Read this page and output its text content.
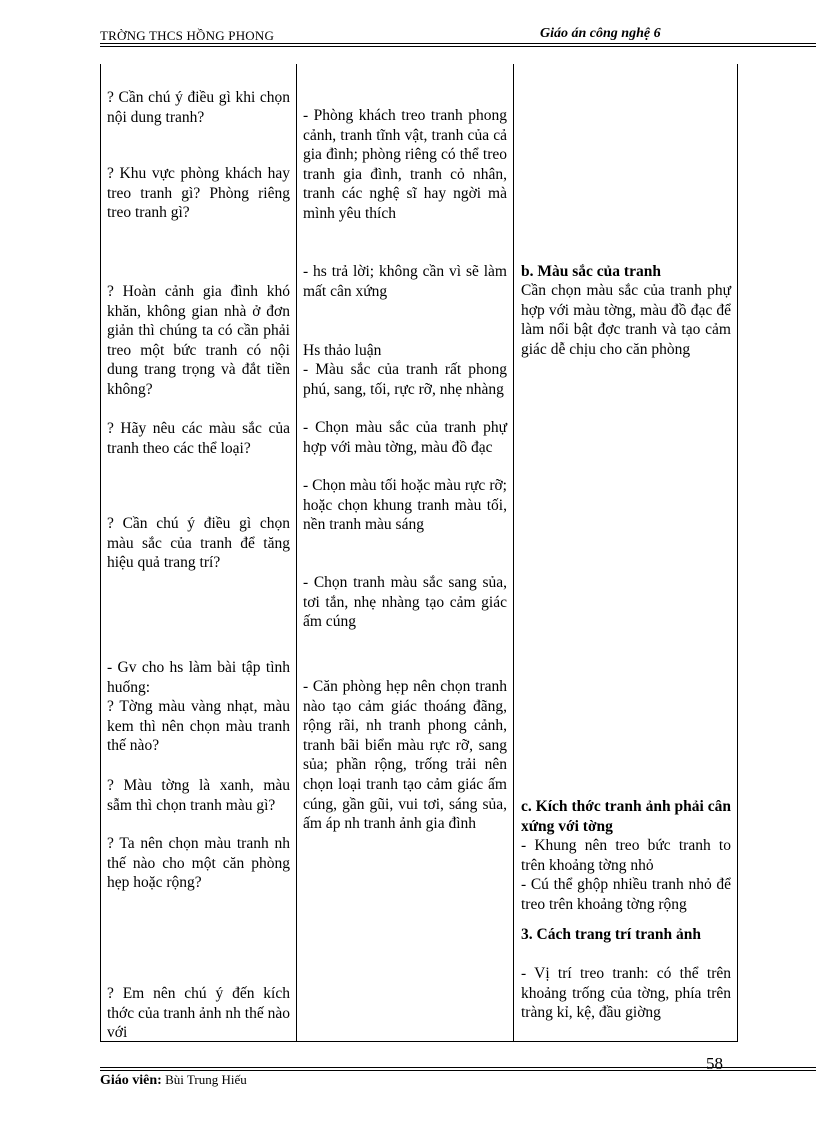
TRỜNG THCS HỒNG PHONG	Giáo án công nghệ 6
? Cần chú ý điều gì khi chọn nội dung tranh?
? Khu vực phòng khách hay treo tranh gì? Phòng riêng treo tranh gì?
? Hoàn cảnh gia đình khó khăn, không gian nhà ở đơn giản thì chúng ta có cần phải treo một bức tranh có nội dung trang trọng và đắt tiền không?
? Hãy nêu các màu sắc của tranh theo các thể loại?
? Cần chú ý điều gì chọn màu sắc của tranh để tăng hiệu quả trang trí?
- Gv cho hs làm bài tập tình huống:
? Tờng màu vàng nhạt, màu kem thì nên chọn màu tranh thế nào?
? Màu tờng là xanh, màu sẫm thì chọn tranh màu gì?
? Ta nên chọn màu tranh nh thế nào cho một căn phòng hẹp hoặc rộng?
? Em nên chú ý đến kích thớc của tranh ảnh nh thế nào với
- Phòng khách treo tranh phong cảnh, tranh tĩnh vật, tranh của cả gia đình; phòng riêng có thể treo tranh gia đình, tranh cỏ nhân, tranh các nghệ sĩ hay ngời mà mình yêu thích
- hs trả lời; không cần vì sẽ làm mất cân xứng
Hs thảo luận
- Màu sắc của tranh rất phong phú, sang, tối, rực rỡ, nhẹ nhàng
- Chọn màu sắc của tranh phự hợp với màu tờng, màu đồ đạc
- Chọn màu tối hoặc màu rực rỡ; hoặc chọn khung tranh màu tối, nền tranh màu sáng
- Chọn tranh màu sắc sang sủa, tơi tắn, nhẹ nhàng tạo cảm giác ấm cúng
- Căn phòng hẹp nên chọn tranh nào tạo cảm giác thoáng đãng, rộng rãi, nh tranh phong cảnh, tranh bãi biển màu rực rỡ, sang sủa; phần rộng, trống trải nên chọn loại tranh tạo cảm giác ấm cúng, gần gũi, vui tơi, sáng sủa, ấm áp nh tranh ảnh gia đình
b. Màu sắc của tranh
Cần chọn màu sắc của tranh phự hợp với màu tờng, màu đồ đạc để làm nổi bật đợc tranh và tạo cảm giác dễ chịu cho căn phòng
c. Kích thớc tranh ảnh phải cân xứng với tờng
- Khung nên treo bức tranh to trên khoảng tờng nhỏ
- Cú thể ghộp nhiều tranh nhỏ để treo trên khoảng tờng rộng
3. Cách trang trí tranh ảnh
- Vị trí treo tranh: có thể trên khoảng trống của tờng, phía trên tràng kỉ, kệ, đầu giờng
58
Giáo viên: Bùi Trung Hiếu
